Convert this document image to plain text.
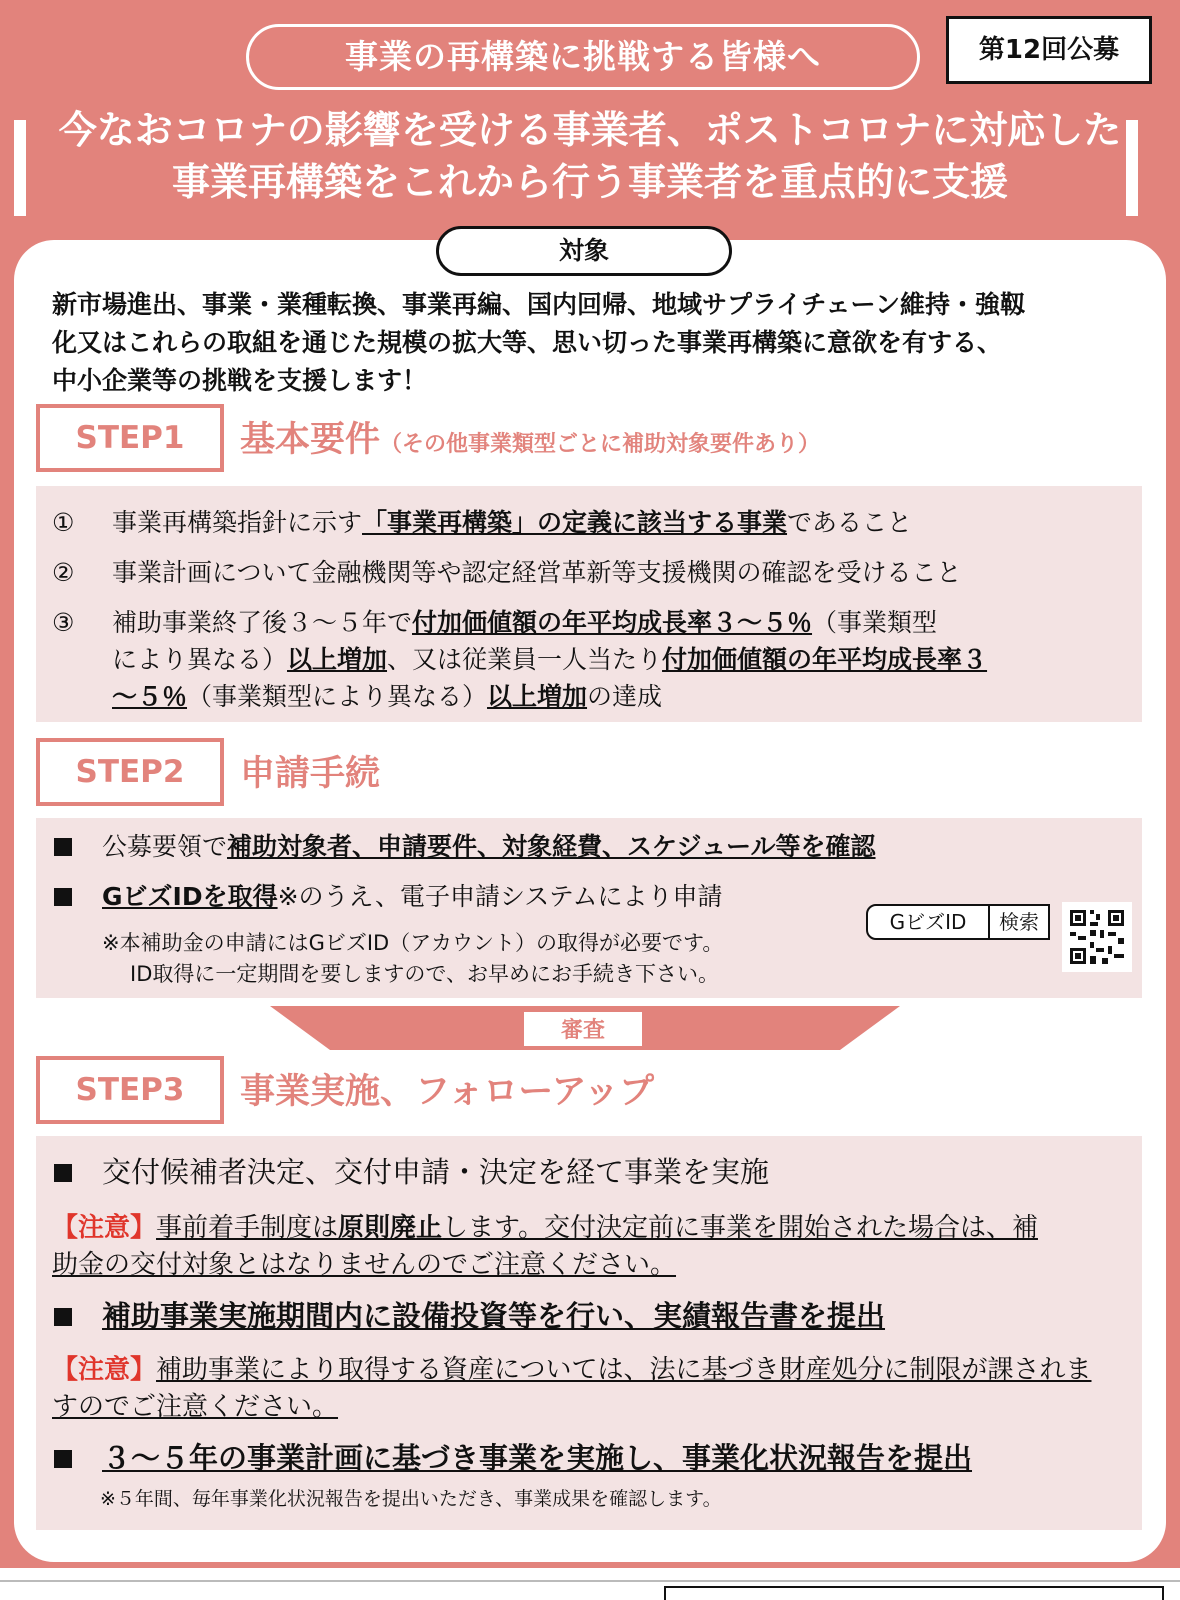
事業の再構築に挑戦する皆様へ	第12回公募
今なおコロナの影響を受ける事業者、ポストコロナに対応した
事業再構築をこれから行う事業者を重点的に支援
対象
新市場進出、事業・業種転換、事業再編、国内回帰、地域サプライチェーン維持・強靱
化又はこれらの取組を通じた規模の拡大等、思い切った事業再構築に意欲を有する、
中小企業等の挑戦を支援します！
STEP1	基本要件（その他事業類型ごとに補助対象要件あり）
① 事業再構築指針に示す「事業再構築」の定義に該当する事業であること
② 事業計画について金融機関等や認定経営革新等支援機関の確認を受けること
③ 補助事業終了後３～５年で付加価値額の年平均成長率３～５％（事業類型
により異なる）以上増加、又は従業員一人当たり付加価値額の年平均成長率３
～５％（事業類型により異なる）以上増加の達成
STEP2	申請手続
公募要領で補助対象者、申請要件、対象経費、スケジュール等を確認
GビズIDを取得※のうえ、電子申請システムにより申請
※本補助金の申請にはGビズID（アカウント）の取得が必要です。
ID取得に一定期間を要しますので、お早めにお手続き下さい。
GビズID	検索
審査
STEP3	事業実施、フォローアップ
交付候補者決定、交付申請・決定を経て事業を実施
【注意】事前着手制度は原則廃止します。交付決定前に事業を開始された場合は、補
助金の交付対象とはなりませんのでご注意ください。
補助事業実施期間内に設備投資等を行い、実績報告書を提出
【注意】補助事業により取得する資産については、法に基づき財産処分に制限が課されま
すのでご注意ください。
３～５年の事業計画に基づき事業を実施し、事業化状況報告を提出
※５年間、毎年事業化状況報告を提出いただき、事業成果を確認します。
